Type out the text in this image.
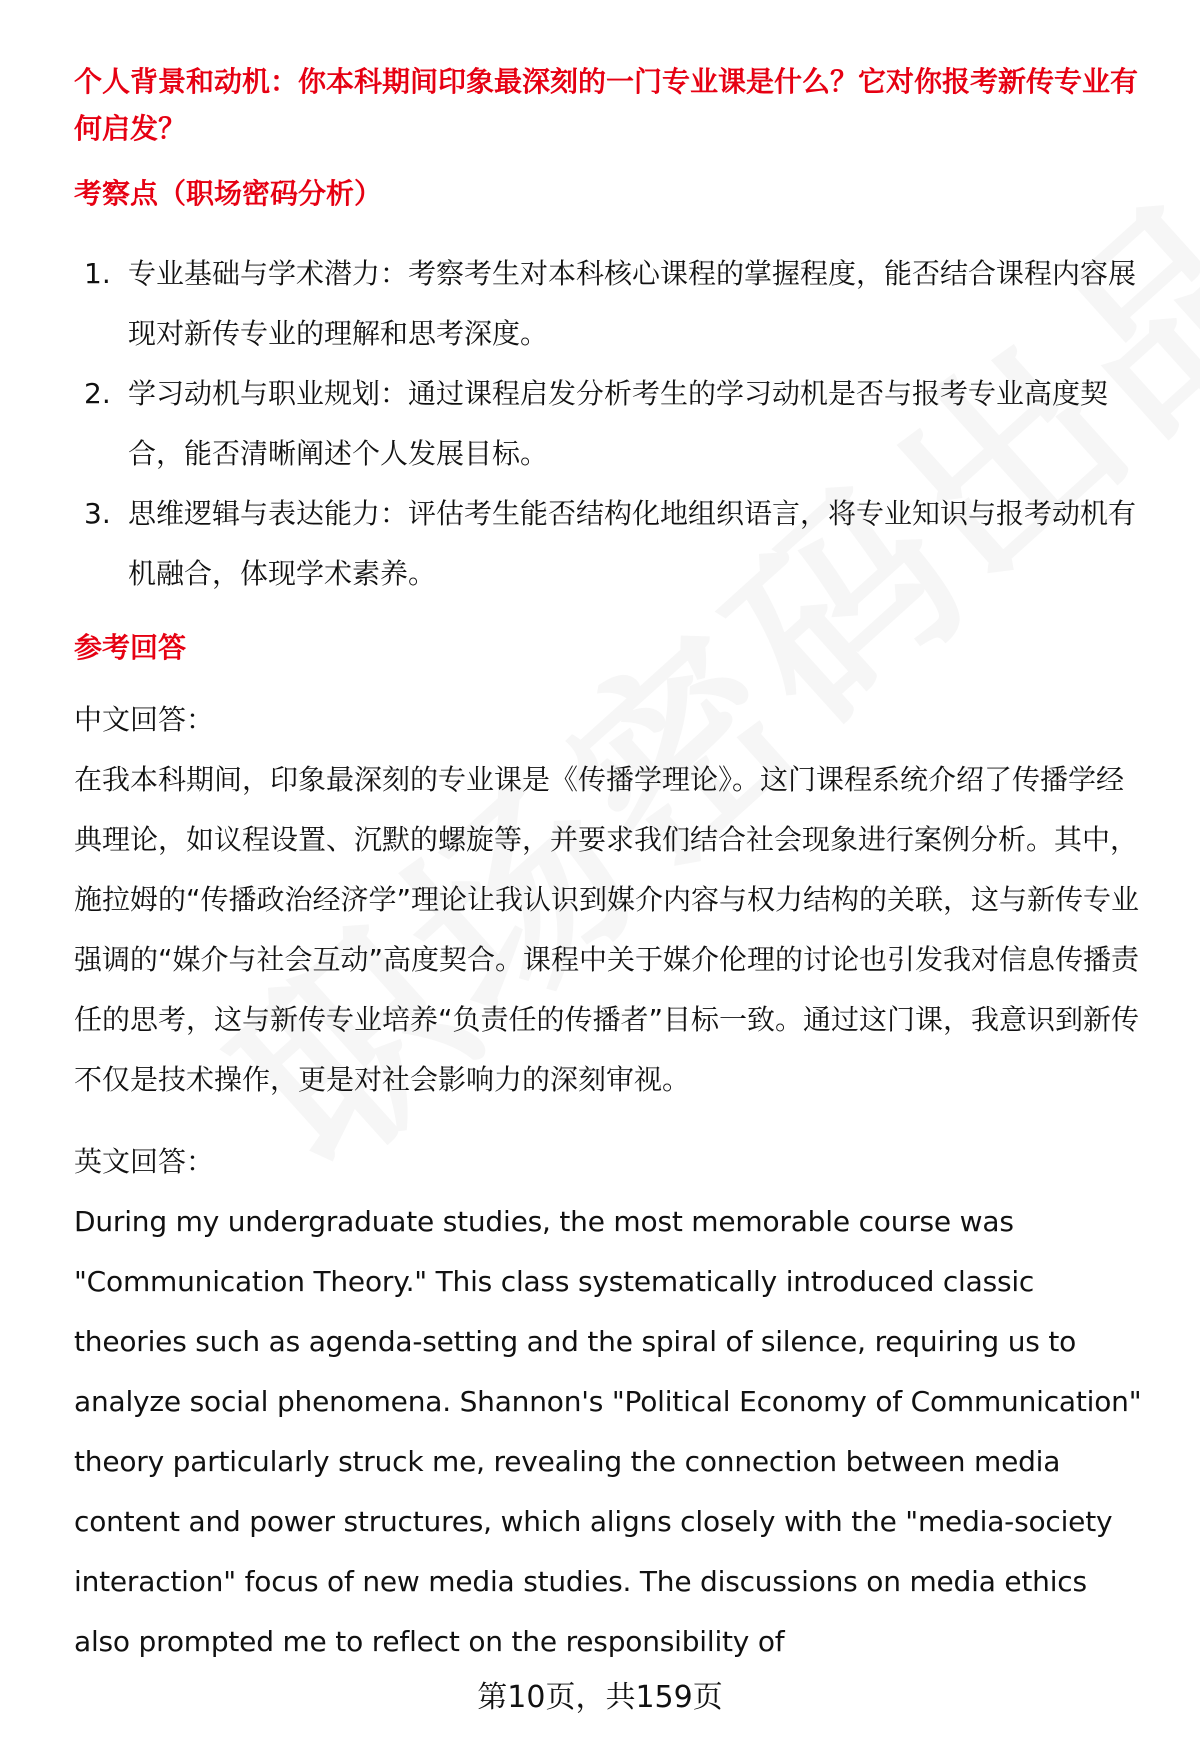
个人背景和动机：你本科期间印象最深刻的一门专业课是什么？它对你报考新传专业有何启发？
考察点（职场密码分析）
1. 专业基础与学术潜力：考察考生对本科核心课程的掌握程度，能否结合课程内容展现对新传专业的理解和思考深度。
2. 学习动机与职业规划：通过课程启发分析考生的学习动机是否与报考专业高度契合，能否清晰阐述个人发展目标。
3. 思维逻辑与表达能力：评估考生能否结构化地组织语言，将专业知识与报考动机有机融合，体现学术素养。
参考回答

中文回答：

在我本科期间，印象最深刻的专业课是《传播学理论》。这门课程系统介绍了传播学经典理论，如议程设置、沉默的螺旋等，并要求我们结合社会现象进行案例分析。其中，施拉姆的“传播政治经济学”理论让我认识到媒介内容与权力结构的关联，这与新传专业强调的“媒介与社会互动”高度契合。课程中关于媒介伦理的讨论也引发我对信息传播责任的思考，这与新传专业培养“负责任的传播者”目标一致。通过这门课，我意识到新传不仅是技术操作，更是对社会影响力的深刻审视。

英文回答：

During my undergraduate studies, the most memorable course was "Communication Theory." This class systematically introduced classic theories such as agenda-setting and the spiral of silence, requiring us to analyze social phenomena. Shannon's "Political Economy of Communication" theory particularly struck me, revealing the connection between media content and power structures, which aligns closely with the "media-society interaction" focus of new media studies. The discussions on media ethics also prompted me to reflect on the responsibility of

第10页，共159页
